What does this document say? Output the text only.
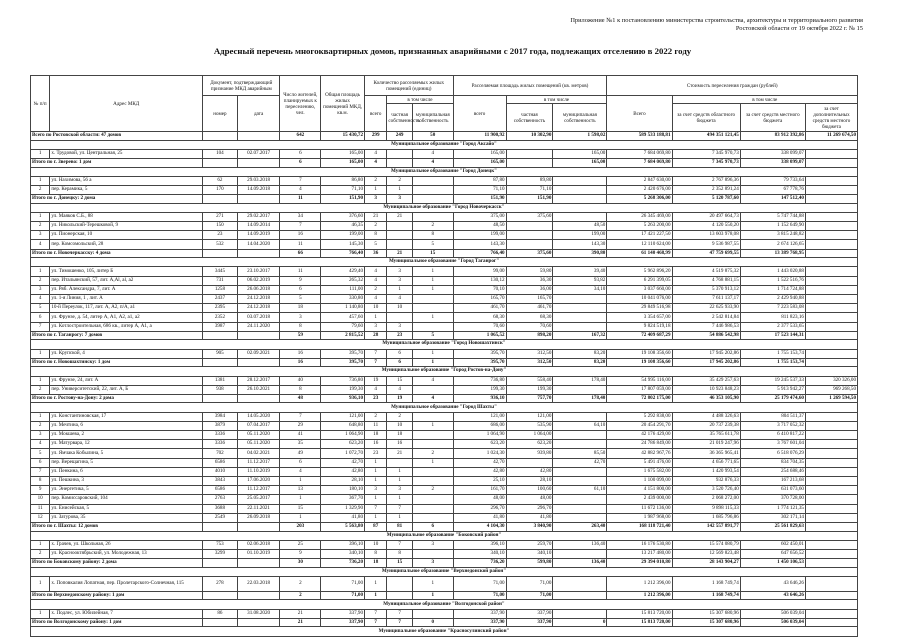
Приложение №1 к постановлению министерства строительства, архитектуры и территориального развития Ростовской области от 19 октября 2022 г. № 15
Адресный перечень многоквартирных домов, признанных аварийными с 2017 года, подлежащих отселению в 2022 году
№ п/п	Адрес МКД	Документ, подтверждающий признание МКД аварийным		Число жителей, планируемых к переселению, чел.	Общая площадь жилых помещений МКД, кв.м.	Количество расселяемых жилых помещений (единиц)			Расселяемая площадь жилых помещений (кв. метров)			Стоимость переселения граждан (рублей)			
		номер	дата			всего	в том числе		всего	в том числе		Всего	в том числе		
							частная собственность	муниципальная собственность		частная собственность	муниципальная собственность		за счет средств областного бюджета	за счет средств местного бюджета	за счет дополнительных средств местного бюджета
Всего по Ростовской области: 47 домов				642	15 430,72	299	249	50	11 900,92	10 302,90	1 598,02	589 533 188,81	494 351 121,45	83 912 392,86	11 269 674,50
Муниципальное образование "Город Аксайо"															
1	х. Трудовой, ул. Центральная, 25	104	02.07.2017	6	165,00	4		4	165,00		165,00	7 684 069,80	7 345 970,73	338 099,07	
Итого по г. Зверево: 1 дом				6	165,00	4		4	165,00		165,00	7 684 069,80	7 345 970,73	338 099,07	
Муниципальное образование "Город Донецк"															
1	ул. Нахимова, 56 а	62	29.03.2018	7	86,80	2	2		87,80	89,80		2 847 630,00	2 767 896,36	79 733,64	
2	пер. Керамика, 5	170	14.09.2018	4	71,10	1	1		71,10	71,10		2 420 676,00	2 352 891,24	67 778,76	
Итого по г. Донецку: 2 дома				11	151,90	3	3		151,90	151,90		5 268 306,00	5 120 787,60	147 512,40	
Муниципальное образование "Город Новочеркасск"															
1	ул. Маяков С.Б., 88	271	29.02.2017	34	376,60	21	21		375,00	375,60		26 345 469,00	20 497 664,73	5 747 744,88	
2	ул. Никольский-Терешковой, 9	150	14.09.2014	7	46,35	2		2	48,50		48,50	5 263 200,00	4 120 550,20	1 152 649,90	
3	ул. Пионерская, 10	23	14.09.2019	16	199,00	8		8	199,00		199,00	17 421 227,50	13 603 978,08	3 815 248,82	
4	пер. Комсомольский, 28	532	14.04.2020	11	145,30	5		5	143,30		143,30	12 110 624,00	9 536 987,55	2 674 126,65	
Итого по г. Новочеркасску: 4 дома				66	766,40	36	21	15	766,40	375,60	390,80	61 140 468,99	47 759 699,55	13 389 768,95	
Муниципальное образование "Город Таганрог"															
1	ул. Тимошенко, 105, литер Б	3445	23.10.2017	11	429,40	4	3	1	99,00	59,80	39,40	5 962 896,20	4 519 875,32	1 443 020,88	
2	пер. Итальянский, 57, лит. А,Al, al, а2	731	06.02.2019	9	265,32	4	3	1	130,12	36,30	93,82	6 291 399,05	4 768 881,15	1 522 516,76	
3	ул. Ряб. Александра, 7, лит. А	1258	26.06.2018	6	111,00	2	1	1	70,10	36,00	34,10	3 037 660,00	5 370 913,12	1 714 724,88	
4	ул. 1-я Линия, 1 , лит. А	2437	24.12.2018	5	330,80	4	4		165,70	165,70		10 041 076,00	7 611 137,17	2 429 940,88	
5	10-й Переулок, 117, лит. А, А2, п/А, а1	2395	24.12.2018	18	1 140,80	10	10		461,70	461,70		29 849 516,98	22 625 933,90	7 223 583,08	
6	ул. Фрунзе, д. 54, литер А, А1, А2, а1, а2	2352	03.07.2018	3	457,60	1		1	68,30	68,30		3 354 657,00	2 542 814,84	811 823,16	
7	ул. Котлостроительная, 686 кв., литер А, А1, а	3987	24.11.2020	8	79,60	3	3		70,60	70,60		9 824 519,18	7 446 986,53	2 377 533,65	
Итого по г. Таганрогу: 7 домов				59	2 815,52	28	23	5	1 065,52	898,20	167,32	72 409 687,29	54 886 542,98	17 523 144,31	
Муниципальное образование "Город Новошахтинск"															
1	ул. Крупской, 4	905	02.09.2021	16	395,70	7	6	1	395,70	312,50	83,20	19 108 356,60	17 945 202,86	1 755 153,74	
Итого по г. Новошахтинску: 1 дом				16	395,70	7	6	1	395,70	312,50	83,20	19 108 356,60	17 945 202,86	1 755 153,74	
Муниципальное образование "Город Ростов-на-Дону"															
1	ул. Фрунзе, 24, лит. А	1381	28.12.2017	40	736,80	19	15	4	736,80	558,40	178,40	54 995 116,00	35 429 257,63	19 245 537,33	320 326,00
2	пер. Университетский, 22, лит. А, Б	938	26.10.2021	8	199,30	4	4		199,30	199,30		17 807 059,00	10 923 848,23	5 913 942,27	969 268,50
Итого по г. Ростову-на-Дону: 2 дома				48	936,10	23	19	4	936,10	757,70	178,40	72 802 175,00	46 353 105,90	25 179 474,60	1 269 594,50
Муниципальное образование "Город Шахты"															
1	ул. Константиновская, 17	3984	14.05.2020	7	121,00	2	2		121,00	121,00		5 292 838,00	4 488 326,63	804 511,37	
2	ул. Мечтина, 6	3879	07.04.2017	29	648,80	11	10	1	686,00	535,90	64,10	20 454 291,70	20 737 239,38	3 717 052,32	
3	ул. Мокшева, 2	3336	05.11.2020	41	1 064,90	18	18		1 064,90	1 064,00		42 176 429,00	35 765 611,78	6 410 817,22	
4	ул. Матурвара, 12	3336	05.11.2020	35	623,20	16	16		623,20	623,20		24 786 849,00	21 019 247,96	3 767 601,04	
5	ул. Ямчака Кобылина, 5	702	04.02.2021	49	1 072,70	23	21	2	1 024,30	939,80	85,50	42 882 967,76	36 365 965,41	6 518 076,29	
6	пер. Верещагина, 5	6586	11.12.2017	6	42,70	1		1	42,70		42,70	5 491 476,00	4 656 771,65	834 704,35	
7	ул. Пенкина, 6	4010	11.10.2019	4	42,80	1	1		42,80	42,80		1 675 582,00	1 420 993,54	254 688,46	
8	ул. Пешкина, 3	3843	17.06.2020	1	28,10	1	1		25,10	28,10		1 100 099,00	932 876,33	167 213,68	
9	ул. Энергетика, 5	6586	11.12.2017	13	180,10	3	3	2	161,70	100,60	61,10	4 151 800,00	3 520 726,40	631 073,60	
10	пер. Комиссаровский, 104	2763	25.05.2017	1	367,70	1	1		48,00	48,00		2 439 000,00	2 068 272,00	370 728,00	
11	ул. Енисейская, 5	3688	22.11.2021	15	1 329,90	7	7		296,70	296,70		11 672 136,00	9 898 115,33	1 774 121,35	
12	ул. Затурова, 35	2549	26.09.2018	1	41,80	1	1		41,80	41,80		1 987 968,00	1 685 796,86	302 171,14	
Итого по г. Шахты: 12 домов				203	5 563,80	87	81	6	4 104,30	3 840,90	263,40	168 118 721,40	142 557 891,77	25 561 829,63	
Муниципальное образование "Боковский район"															
1	х. Грачев, ул. Школьная, 26	753	02.06.2018	25	396,10	10	7	3	396,10	259,70	136,40	16 176 530,80	15 574 080,79	602 450,01	
2	ул. Краснооктябрьский, ул. Молодежная, 13	3299	01.10.2019	9	340,10	8	8		340,10	340,10		13 217 480,00	12 569 823,48	647 656,52	
Итого по Боковскому району: 2 дома				30	736,20	18	15	3	736,20	599,80	136,40	29 394 010,80	28 143 904,27	1 450 106,53	
Муниципальное образование "Верхнедонской район"															
1	х. Поповкалия Лопатная, пер. Пролетарского-Солнечная, 115	278	22.03.2018	2	71,00	1		1	71,00	71,00		1 212 396,00	1 168 749,74	43 646,26	
Итого по Верхнедонскому району: 1 дом				2	71,00	1		1	71,00	71,00		1 212 396,00	1 168 749,74	43 646,26	
Муниципальное образование "Волгодонской район"															
1	х. Подлес, ул. Юбилейная, 7	86	31.08.2020	21	337,90	7	7		337,90	337,90		15 813 720,00	15 307 680,96	506 039,04	
Итого по Волгодонскому району: 1 дом				21	337,90	7	7	0	337,90	337,90	0	15 813 720,00	15 307 680,96	506 039,04	
Муниципальное образование "Красносулинский район"															
